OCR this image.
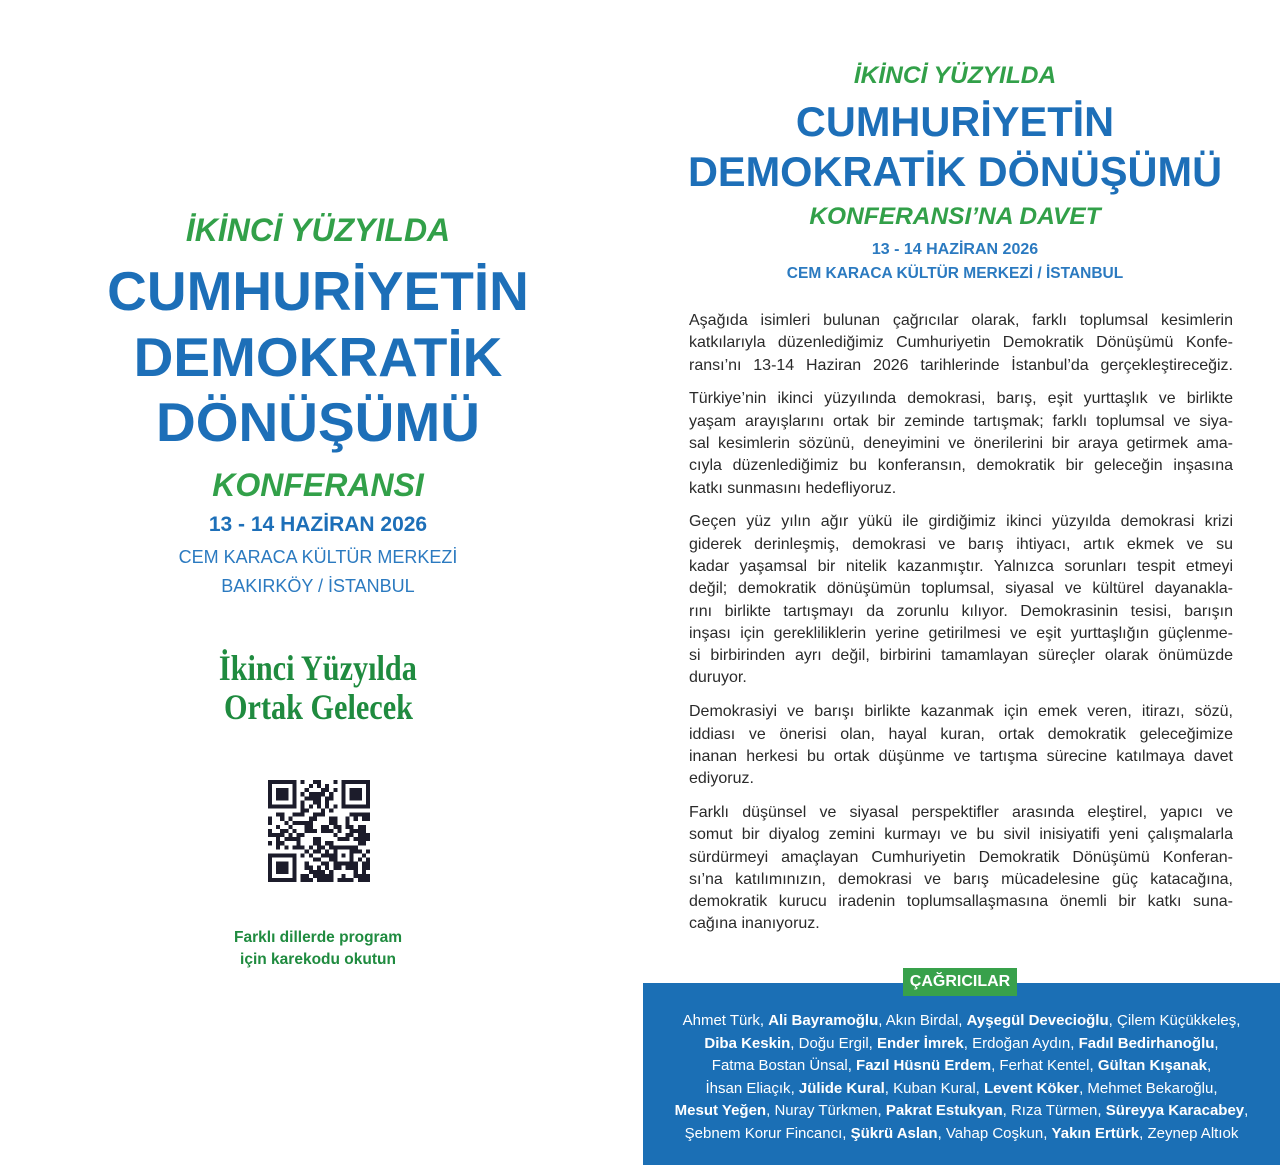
İKİNCİ YÜZYILDA
CUMHURİYETİN
DEMOKRATİK
DÖNÜŞÜMÜ
KONFERANSI
13 - 14 HAZİRAN 2026
CEM KARACA KÜLTÜR MERKEZİ
BAKIRKÖY / İSTANBUL
İkinci Yüzyılda
Ortak Gelecek
Farklı dillerde program
için karekodu okutun
İKİNCİ YÜZYILDA
CUMHURİYETİN
DEMOKRATİK DÖNÜŞÜMÜ
KONFERANSI’NA DAVET
13 - 14 HAZİRAN 2026
CEM KARACA KÜLTÜR MERKEZİ / İSTANBUL

Aşağıda isimleri bulunan çağrıcılar olarak, farklı toplumsal kesimlerin
katkılarıyla düzenlediğimiz Cumhuriyetin Demokratik Dönüşümü Konfe-
ransı’nı 13-14 Haziran 2026 tarihlerinde İstanbul’da gerçekleştireceğiz.

Türkiye’nin ikinci yüzyılında demokrasi, barış, eşit yurttaşlık ve birlikte
yaşam arayışlarını ortak bir zeminde tartışmak; farklı toplumsal ve siya-
sal kesimlerin sözünü, deneyimini ve önerilerini bir araya getirmek ama-
cıyla düzenlediğimiz bu konferansın, demokratik bir geleceğin inşasına
katkı sunmasını hedefliyoruz.

Geçen yüz yılın ağır yükü ile girdiğimiz ikinci yüzyılda demokrasi krizi
giderek derinleşmiş, demokrasi ve barış ihtiyacı, artık ekmek ve su
kadar yaşamsal bir nitelik kazanmıştır. Yalnızca sorunları tespit etmeyi
değil; demokratik dönüşümün toplumsal, siyasal ve kültürel dayanakla-
rını birlikte tartışmayı da zorunlu kılıyor. Demokrasinin tesisi, barışın
inşası için gerekliliklerin yerine getirilmesi ve eşit yurttaşlığın güçlenme-
si birbirinden ayrı değil, birbirini tamamlayan süreçler olarak önümüzde
duruyor.

Demokrasiyi ve barışı birlikte kazanmak için emek veren, itirazı, sözü,
iddiası ve önerisi olan, hayal kuran, ortak demokratik geleceğimize
inanan herkesi bu ortak düşünme ve tartışma sürecine katılmaya davet
ediyoruz.

Farklı düşünsel ve siyasal perspektifler arasında eleştirel, yapıcı ve
somut bir diyalog zemini kurmayı ve bu sivil inisiyatifi yeni çalışmalarla
sürdürmeyi amaçlayan Cumhuriyetin Demokratik Dönüşümü Konferan-
sı’na katılımınızın, demokrasi ve barış mücadelesine güç katacağına,
demokratik kurucu iradenin toplumsallaşmasına önemli bir katkı suna-
cağına inanıyoruz.

ÇAĞRICILAR
Ahmet Türk, Ali Bayramoğlu, Akın Birdal, Ayşegül Devecioğlu, Çilem Küçükkeleş,
Diba Keskin, Doğu Ergil, Ender İmrek, Erdoğan Aydın, Fadıl Bedirhanoğlu,
Fatma Bostan Ünsal, Fazıl Hüsnü Erdem, Ferhat Kentel, Gültan Kışanak,
İhsan Eliaçık, Jülide Kural, Kuban Kural, Levent Köker, Mehmet Bekaroğlu,
Mesut Yeğen, Nuray Türkmen, Pakrat Estukyan, Rıza Türmen, Süreyya Karacabey,
Şebnem Korur Fincancı, Şükrü Aslan, Vahap Coşkun, Yakın Ertürk, Zeynep Altıok
